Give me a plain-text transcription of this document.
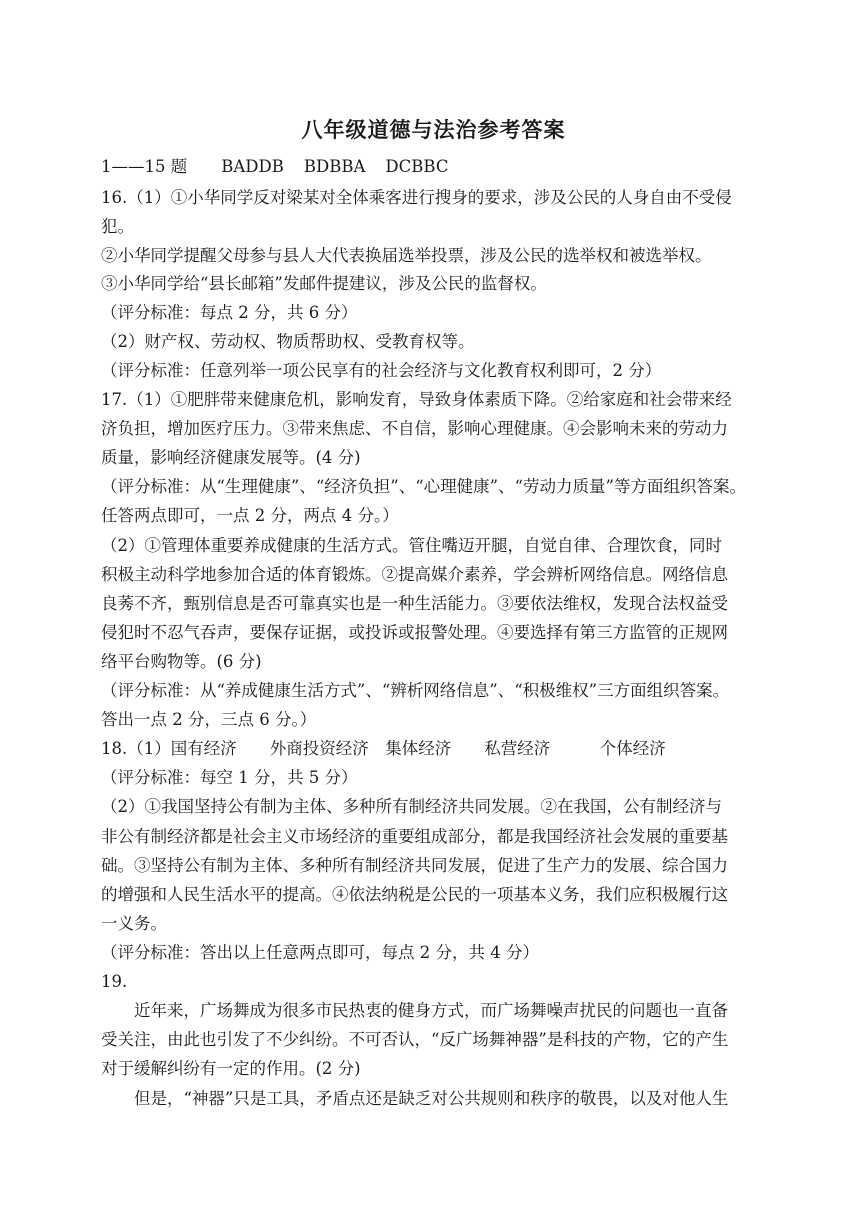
八年级道德与法治参考答案
1——15 题 BADDB BDBBA DCBBC
16.（1）①小华同学反对梁某对全体乘客进行搜身的要求，涉及公民的人身自由不受侵
犯。
②小华同学提醒父母参与县人大代表换届选举投票，涉及公民的选举权和被选举权。
③小华同学给“县长邮箱”发邮件提建议，涉及公民的监督权。
（评分标准：每点 2 分，共 6 分）
（2）财产权、劳动权、物质帮助权、受教育权等。
（评分标准：任意列举一项公民享有的社会经济与文化教育权利即可，2 分）
17.（1）①肥胖带来健康危机，影响发育，导致身体素质下降。②给家庭和社会带来经
济负担，增加医疗压力。③带来焦虑、不自信，影响心理健康。④会影响未来的劳动力
质量，影响经济健康发展等。(4 分)
（评分标准：从“生理健康”、“经济负担”、“心理健康”、“劳动力质量”等方面组织答案。
任答两点即可，一点 2 分，两点 4 分。）
（2）①管理体重要养成健康的生活方式。管住嘴迈开腿，自觉自律、合理饮食，同时
积极主动科学地参加合适的体育锻炼。②提高媒介素养，学会辨析网络信息。网络信息
良莠不齐，甄别信息是否可靠真实也是一种生活能力。③要依法维权，发现合法权益受
侵犯时不忍气吞声，要保存证据，或投诉或报警处理。④要选择有第三方监管的正规网
络平台购物等。(6 分)
（评分标准：从“养成健康生活方式”、“辨析网络信息”、“积极维权”三方面组织答案。
答出一点 2 分，三点 6 分。）
18.（1）国有经济　　外商投资经济　集体经济　　私营经济　　　个体经济
（评分标准：每空 1 分，共 5 分）
（2）①我国坚持公有制为主体、多种所有制经济共同发展。②在我国，公有制经济与
非公有制经济都是社会主义市场经济的重要组成部分，都是我国经济社会发展的重要基
础。③坚持公有制为主体、多种所有制经济共同发展，促进了生产力的发展、综合国力
的增强和人民生活水平的提高。④依法纳税是公民的一项基本义务，我们应积极履行这
一义务。
（评分标准：答出以上任意两点即可，每点 2 分，共 4 分）
19.
　　近年来，广场舞成为很多市民热衷的健身方式，而广场舞噪声扰民的问题也一直备
受关注，由此也引发了不少纠纷。不可否认，“反广场舞神器”是科技的产物，它的产生
对于缓解纠纷有一定的作用。(2 分)
　　但是，“神器”只是工具，矛盾点还是缺乏对公共规则和秩序的敬畏，以及对他人生
